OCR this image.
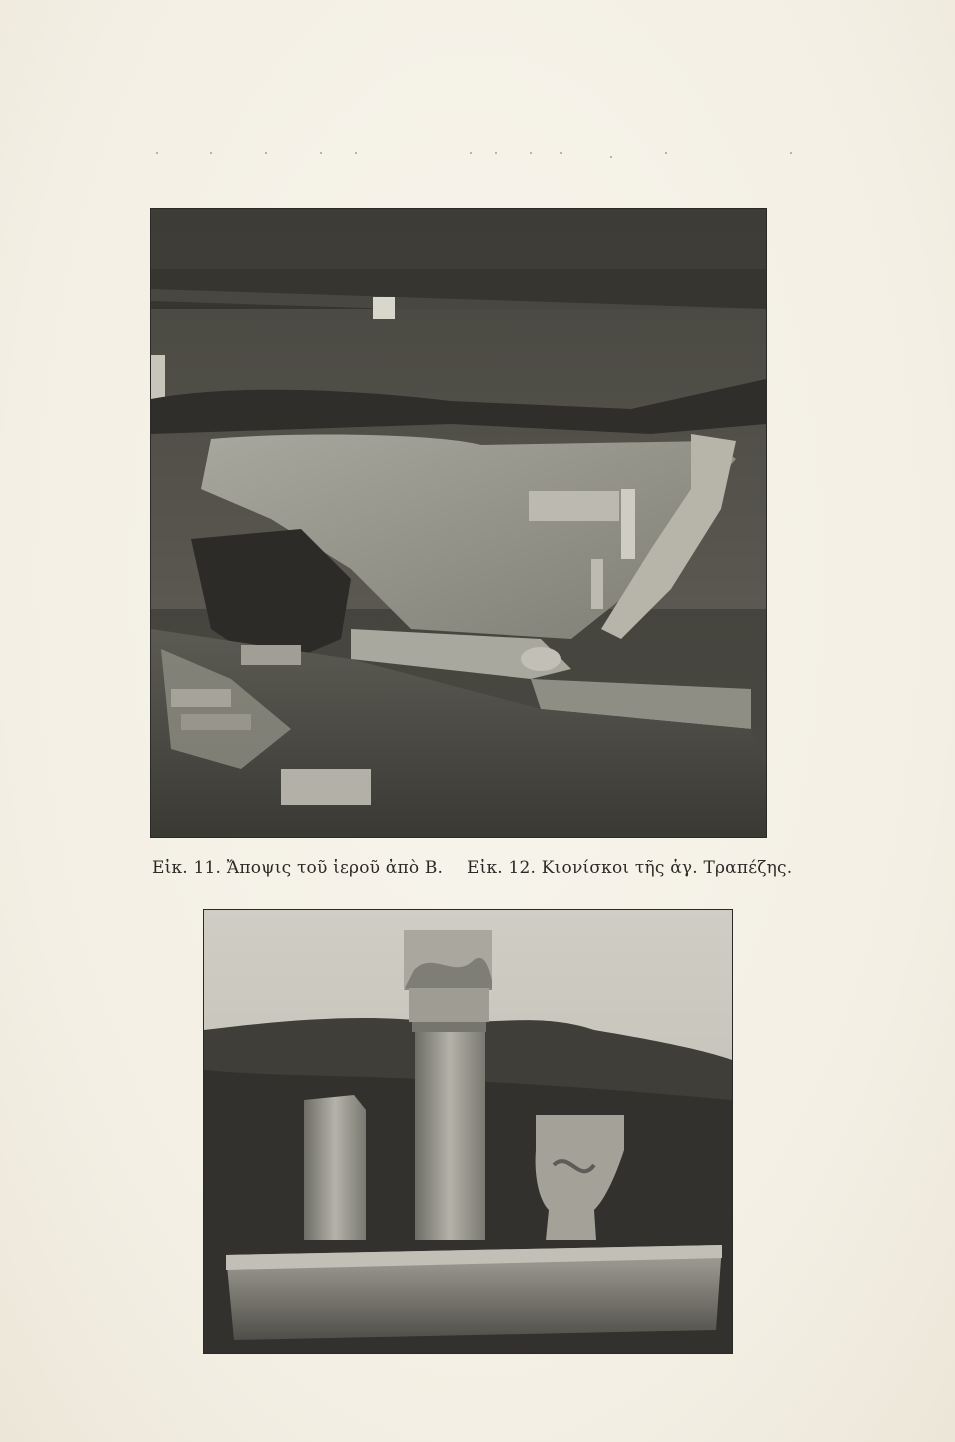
Εἰκ. 11. Ἄποψις τοῦ ἱεροῦ ἀπὸ Β. Εἰκ. 12. Κιονίσκοι τῆς ἁγ. Τραπέζης.
